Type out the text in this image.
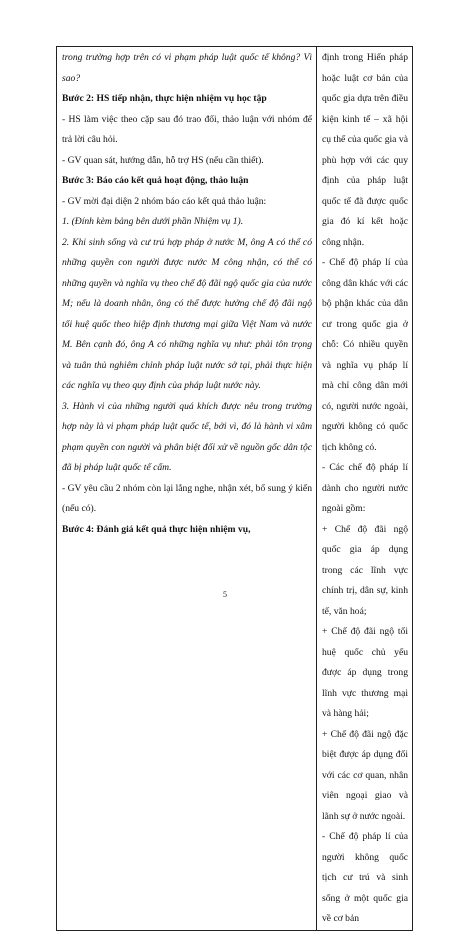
trong trường hợp trên có vi phạm pháp luật quốc tế không? Vì sao?

Bước 2: HS tiếp nhận, thực hiện nhiệm vụ học tập

- HS làm việc theo cặp sau đó trao đổi, thảo luận với nhóm để trả lời câu hỏi.

- GV quan sát, hướng dẫn, hỗ trợ HS (nếu cần thiết).

Bước 3: Báo cáo kết quả hoạt động, thảo luận

- GV mời đại diện 2 nhóm báo cáo kết quả thảo luận:

1. (Đính kèm bảng bên dưới phần Nhiệm vụ 1).

2. Khi sinh sống và cư trú hợp pháp ở nước M, ông A có thể có những quyền con người được nước M công nhận, có thể có những quyền và nghĩa vụ theo chế độ đãi ngộ quốc gia của nước M; nếu là doanh nhân, ông có thể được hưởng chế độ đãi ngộ tối huệ quốc theo hiệp định thương mại giữa Việt Nam và nước M. Bên cạnh đó, ông A có những nghĩa vụ như: phải tôn trọng và tuân thủ nghiêm chỉnh pháp luật nước sở tại, phải thực hiện các nghĩa vụ theo quy định của pháp luật nước này.

3. Hành vi của những người quá khích được nêu trong trường hợp này là vi phạm pháp luật quốc tế, bởi vì, đó là hành vi xâm phạm quyền con người và phân biệt đối xử về nguồn gốc dân tộc đã bị pháp luật quốc tế cấm.

- GV yêu cầu 2 nhóm còn lại lắng nghe, nhận xét, bổ sung ý kiến (nếu có).

Bước 4: Đánh giá kết quả thực hiện nhiệm vụ,

định trong Hiến pháp hoặc luật cơ bản của quốc gia dựa trên điều kiện kinh tế – xã hội cụ thể của quốc gia và phù hợp với các quy định của pháp luật quốc tế đã được quốc gia đó kí kết hoặc công nhận.

- Chế độ pháp lí của công dân khác với các bộ phận khác của dân cư trong quốc gia ở chỗ: Có nhiều quyền và nghĩa vụ pháp lí mà chỉ công dân mới có, người nước ngoài, người không có quốc tịch không có.

- Các chế độ pháp lí dành cho người nước ngoài gồm:

+ Chế độ đãi ngộ quốc gia áp dụng trong các lĩnh vực chính trị, dân sự, kinh tế, văn hoá;

+ Chế độ đãi ngộ tối huệ quốc chủ yếu được áp dụng trong lĩnh vực thương mại và hàng hải;

+ Chế độ đãi ngộ đặc biệt được áp dụng đối với các cơ quan, nhân viên ngoại giao và lãnh sự ở nước ngoài.

- Chế độ pháp lí của người không quốc tịch cư trú và sinh sống ở một quốc gia về cơ bản

5
